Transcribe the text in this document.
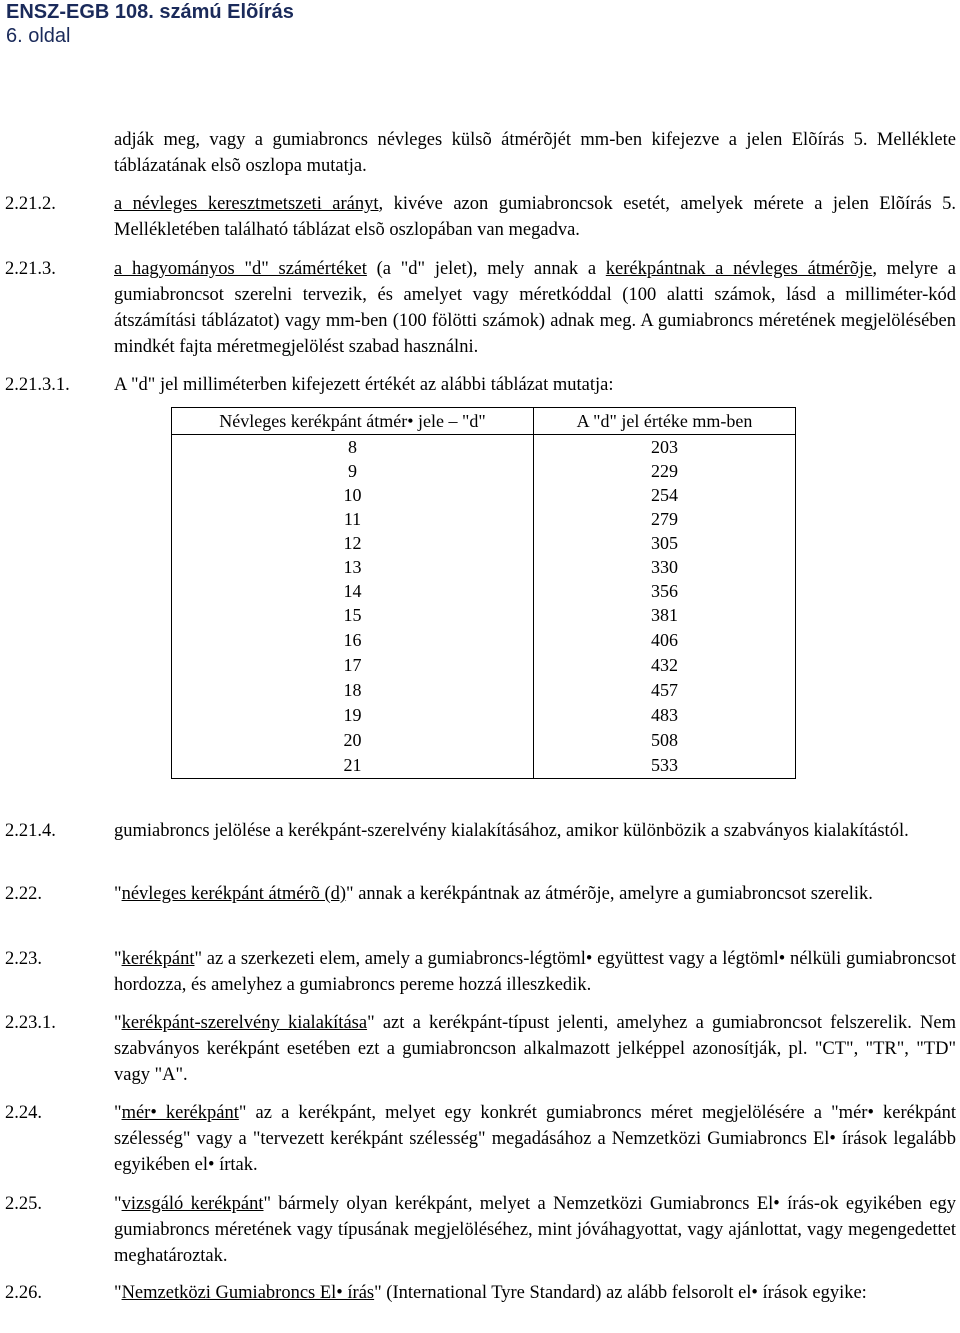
ENSZ-EGB 108. számú Elõírás
6. oldal
adják meg, vagy a gumiabroncs névleges külsõ átmérõjét mm-ben kifejezve a jelen Elõírás 5. Melléklete táblázatának elsõ oszlopa mutatja.
2.21.2.	a névleges keresztmetszeti arányt, kivéve azon gumiabroncsok esetét, amelyek mérete a jelen Elõírás 5. Mellékletében található táblázat elsõ oszlopában van megadva.
2.21.3.	a hagyományos "d" számértéket (a "d" jelet), mely annak a kerékpántnak a névleges átmérõje, melyre a gumiabroncsot szerelni tervezik, és amelyet vagy méretkóddal (100 alatti számok, lásd a milliméter-kód átszámítási táblázatot) vagy mm-ben (100 fölötti számok) adnak meg. A gumiabroncs méretének megjelölésében mindkét fajta méretmegjelölést szabad használni.
2.21.3.1. A "d" jel milliméterben kifejezett értékét az alábbi táblázat mutatja:
Névleges kerékpánt átmér• jele – "d"	A "d" jel értéke mm-ben
8	203
9	229
10	254
11	279
12	305
13	330
14	356
15	381
16	406
17	432
18	457
19	483
20	508
21	533
2.21.4.	gumiabroncs jelölése a kerékpánt-szerelvény kialakításához, amikor különbözik a szabványos kialakítástól.
2.22.	"névleges kerékpánt átmérõ (d)" annak a kerékpántnak az átmérõje, amelyre a gumiabroncsot szerelik.
2.23.	"kerékpánt" az a szerkezeti elem, amely a gumiabroncs-légtöml• együttest vagy a légtöml• nélküli gumiabroncsot hordozza, és amelyhez a gumiabroncs pereme hozzá illeszkedik.
2.23.1.	"kerékpánt-szerelvény kialakítása" azt a kerékpánt-típust jelenti, amelyhez a gumiabroncsot felszerelik. Nem szabványos kerékpánt esetében ezt a gumiabroncson alkalmazott jelképpel azonosítják, pl. "CT", "TR", "TD" vagy "A".
2.24.	"mér• kerékpánt" az a kerékpánt, melyet egy konkrét gumiabroncs méret megjelölésére a "mér• kerékpánt szélesség" vagy a "tervezett kerékpánt szélesség" megadásához a Nemzetközi Gumiabroncs El• írások legalább egyikében el• írtak.
2.25.	"vizsgáló kerékpánt" bármely olyan kerékpánt, melyet a Nemzetközi Gumiabroncs El• írás-ok egyikében egy gumiabroncs méretének vagy típusának megjelöléséhez, mint jóváhagyottat, vagy ajánlottat, vagy megengedettet meghatároztak.
2.26.	"Nemzetközi Gumiabroncs El• írás" (International Tyre Standard) az alább felsorolt el• írások egyike:
